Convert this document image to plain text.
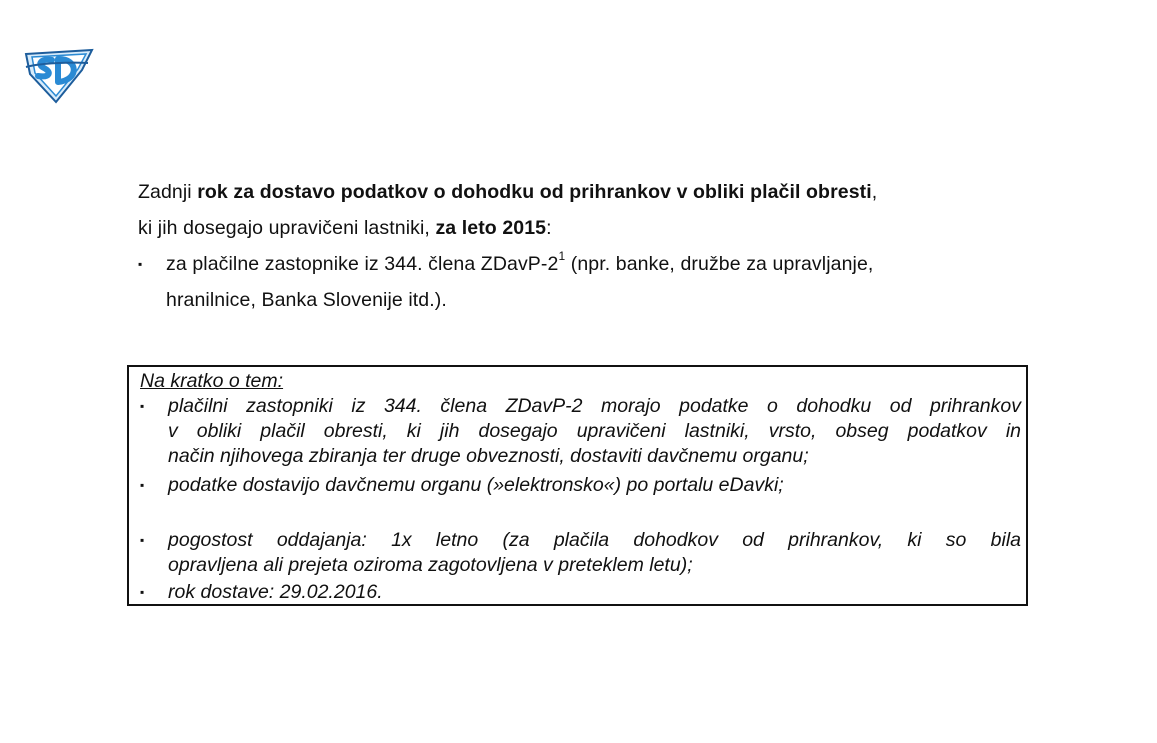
Zadnji rok za dostavo podatkov o dohodku od prihrankov v obliki plačil obresti,
ki jih dosegajo upravičeni lastniki, za leto 2015:
▪ za plačilne zastopnike iz 344. člena ZDavP-$2^1$ (npr. banke, družbe za upravljanje,
hranilnice, Banka Slovenije itd.).
Na kratko o tem:
▪ plačilni zastopniki iz 344. člena ZDavP-2 morajo podatke o dohodku od prihrankov
v obliki plačil obresti, ki jih dosegajo upravičeni lastniki, vrsto, obseg podatkov in
način njihovega zbiranja ter druge obveznosti, dostaviti davčnemu organu;
▪ podatke dostavijo davčnemu organu (»elektronsko«) po portalu eDavki;
▪ pogostost oddajanja: 1x letno (za plačila dohodkov od prihrankov, ki so bila
opravljena ali prejeta oziroma zagotovljena v preteklem letu);
▪ rok dostave: 29.02.2016.
